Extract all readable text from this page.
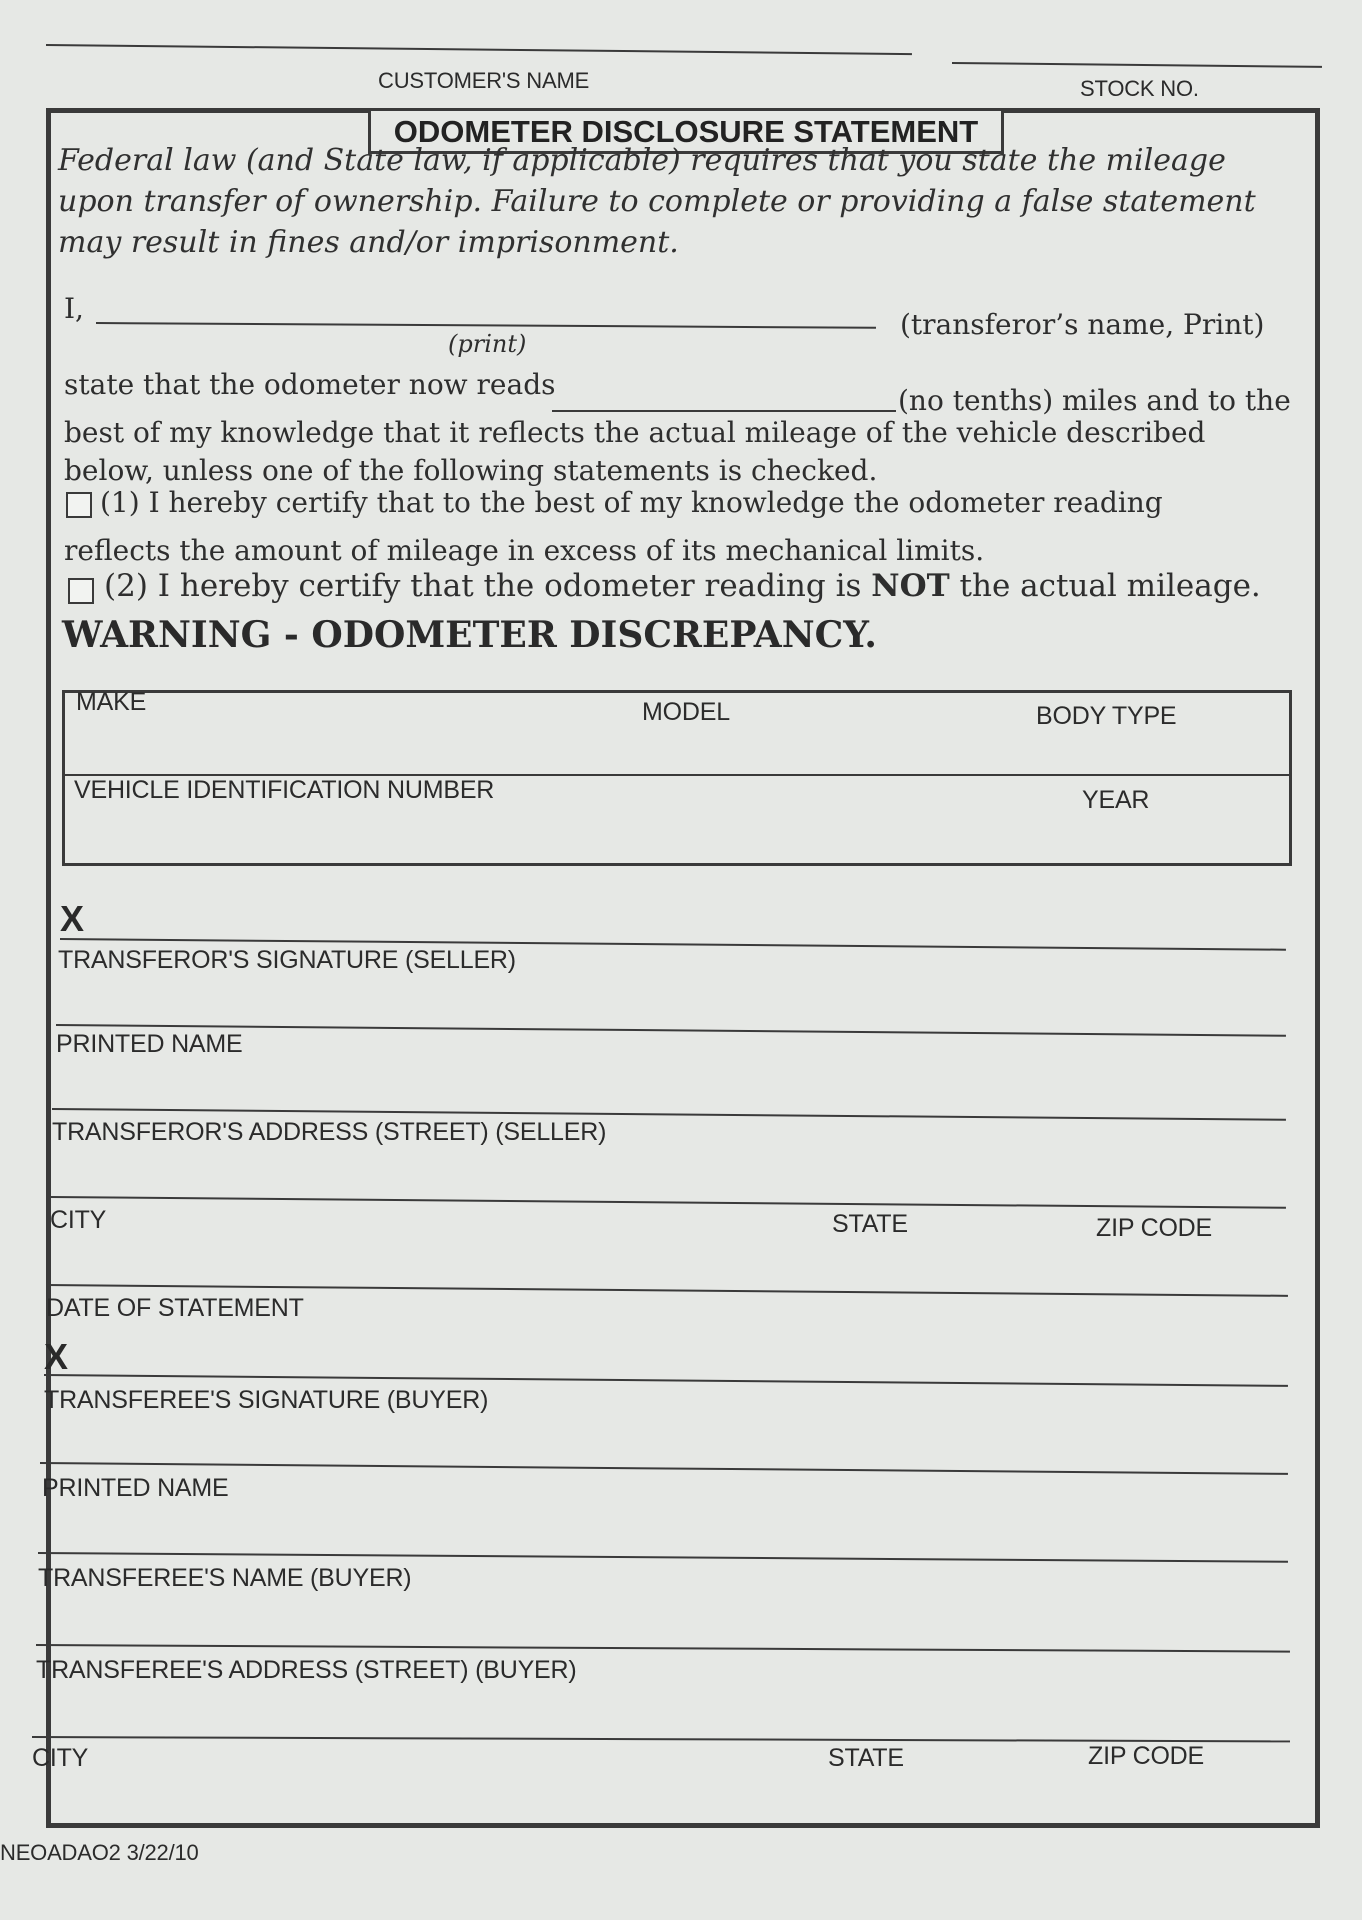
CUSTOMER'S NAME	STOCK NO.
ODOMETER DISCLOSURE STATEMENT
Federal law (and State law, if applicable) requires that you state the mileage upon transfer of ownership. Failure to complete or providing a false statement may result in fines and/or imprisonment.
I,
(print)
(transferor’s name, Print)
state that the odometer now reads	(no tenths) miles and to the
best of my knowledge that it reflects the actual mileage of the vehicle described
below, unless one of the following statements is checked.
(1) I hereby certify that to the best of my knowledge the odometer reading
reflects the amount of mileage in excess of its mechanical limits.
(2) I hereby certify that the odometer reading is NOT the actual mileage.
WARNING - ODOMETER DISCREPANCY.
MAKE	MODEL	BODY TYPE
VEHICLE IDENTIFICATION NUMBER	YEAR
X
TRANSFEROR'S SIGNATURE (SELLER)
PRINTED NAME
TRANSFEROR'S ADDRESS (STREET) (SELLER)
CITY	STATE	ZIP CODE
DATE OF STATEMENT
X
TRANSFEREE'S SIGNATURE (BUYER)
PRINTED NAME
TRANSFEREE'S NAME (BUYER)
TRANSFEREE'S ADDRESS (STREET) (BUYER)
CITY	STATE	ZIP CODE
NEOADAO2 3/22/10
